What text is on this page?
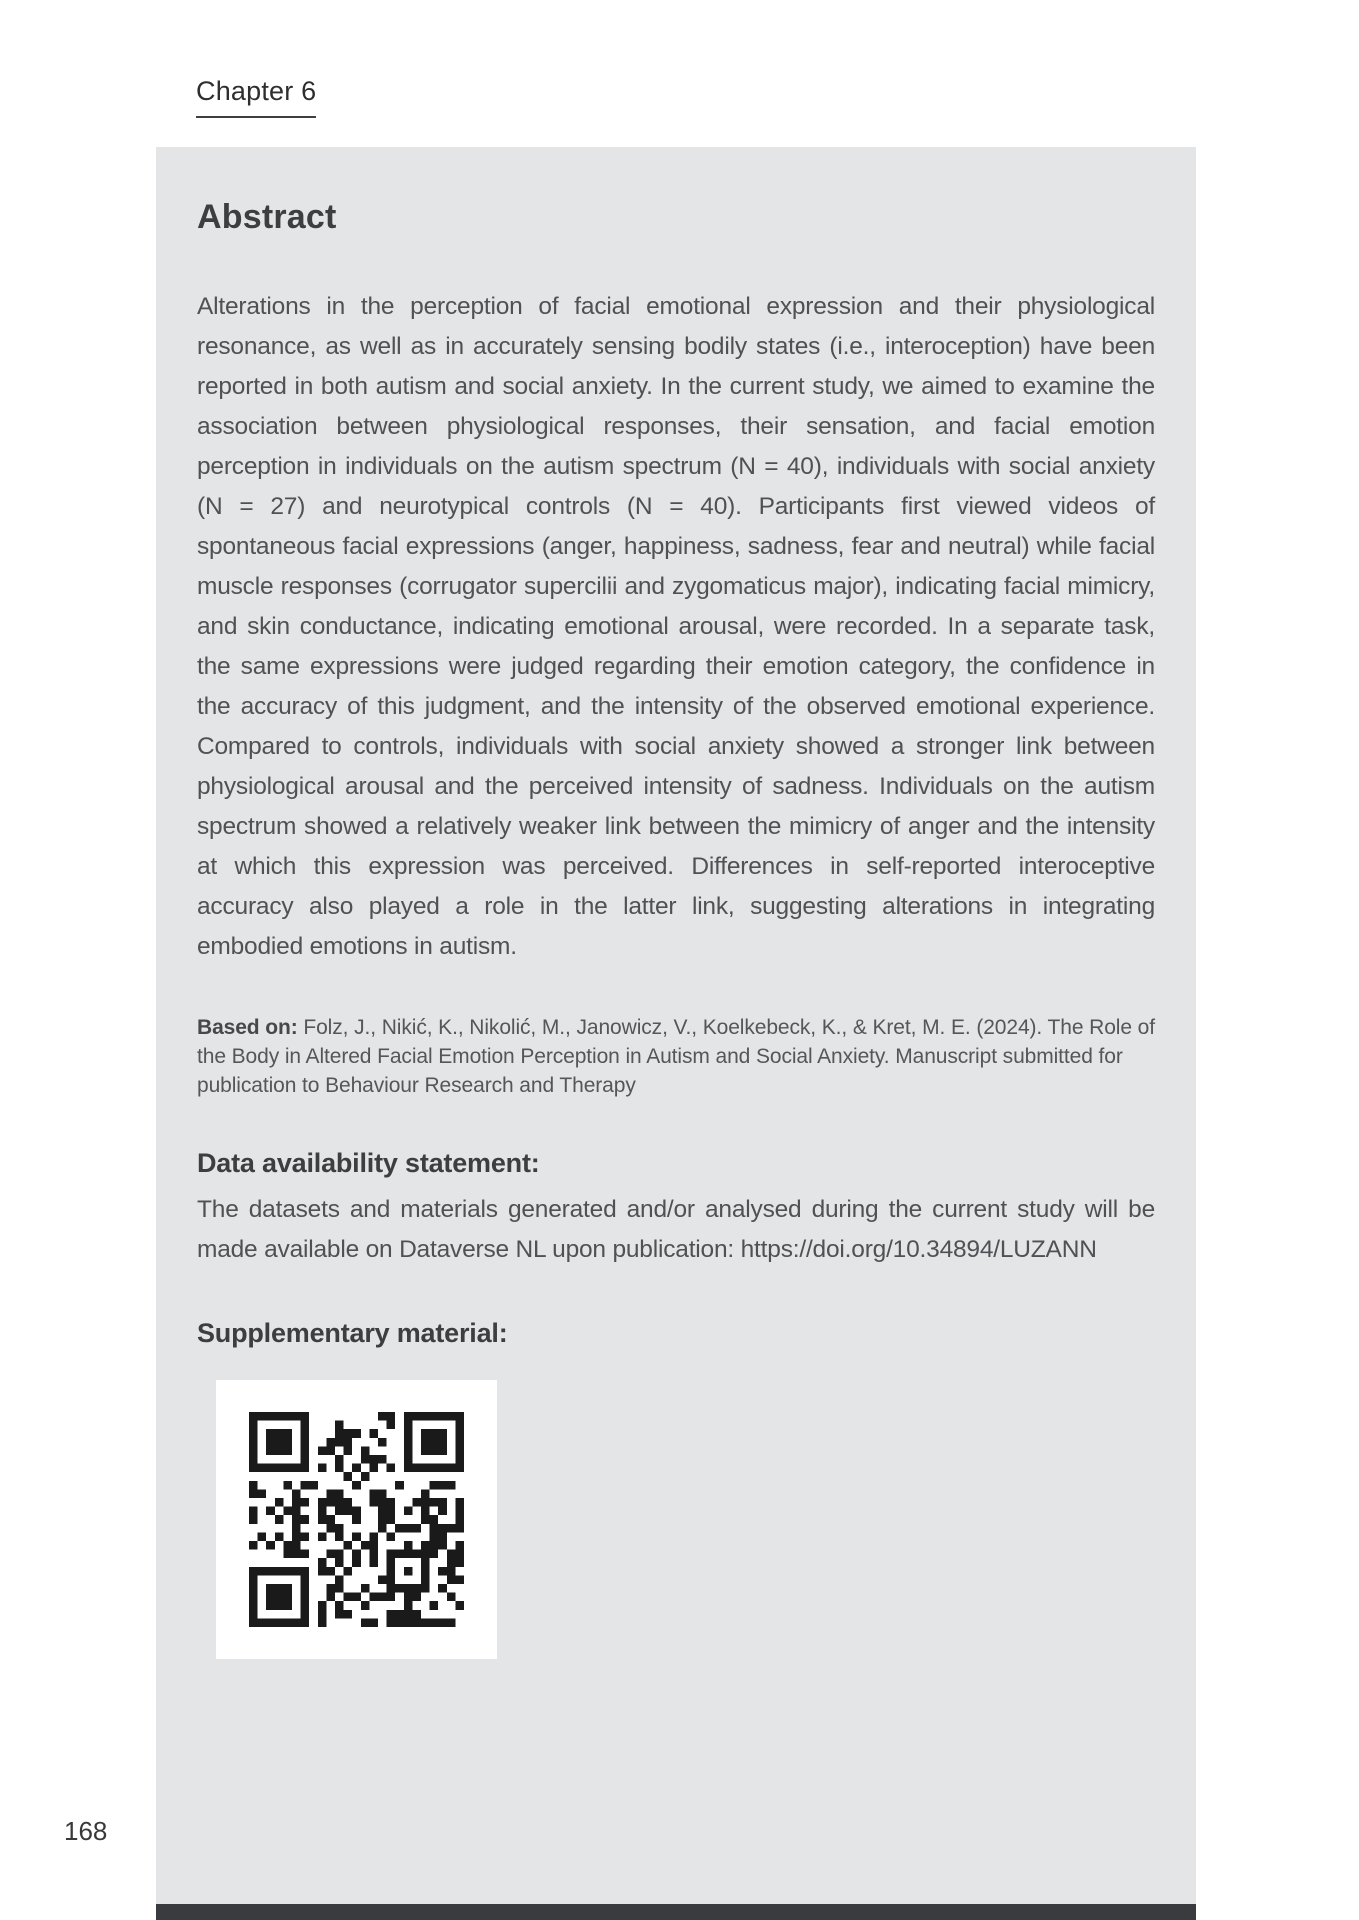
Chapter 6
Abstract

Alterations in the perception of facial emotional expression and their physiological resonance, as well as in accurately sensing bodily states (i.e., interoception) have been reported in both autism and social anxiety. In the current study, we aimed to examine the association between physiological responses, their sensation, and facial emotion perception in individuals on the autism spectrum (N = 40), individuals with social anxiety (N = 27) and neurotypical controls (N = 40). Participants first viewed videos of spontaneous facial expressions (anger, happiness, sadness, fear and neutral) while facial muscle responses (corrugator supercilii and zygomaticus major), indicating facial mimicry, and skin conductance, indicating emotional arousal, were recorded. In a separate task, the same expressions were judged regarding their emotion category, the confidence in the accuracy of this judgment, and the intensity of the observed emotional experience. Compared to controls, individuals with social anxiety showed a stronger link between physiological arousal and the perceived intensity of sadness. Individuals on the autism spectrum showed a relatively weaker link between the mimicry of anger and the intensity at which this expression was perceived. Differences in self-reported interoceptive accuracy also played a role in the latter link, suggesting alterations in integrating embodied emotions in autism.

Based on: Folz, J., Nikić, K., Nikolić, M., Janowicz, V., Koelkebeck, K., & Kret, M. E. (2024). The Role of the Body in Altered Facial Emotion Perception in Autism and Social Anxiety. Manuscript submitted for publication to Behaviour Research and Therapy

Data availability statement:

The datasets and materials generated and/or analysed during the current study will be made available on Dataverse NL upon publication: https://doi.org/10.34894/LUZANN

Supplementary material:
168
